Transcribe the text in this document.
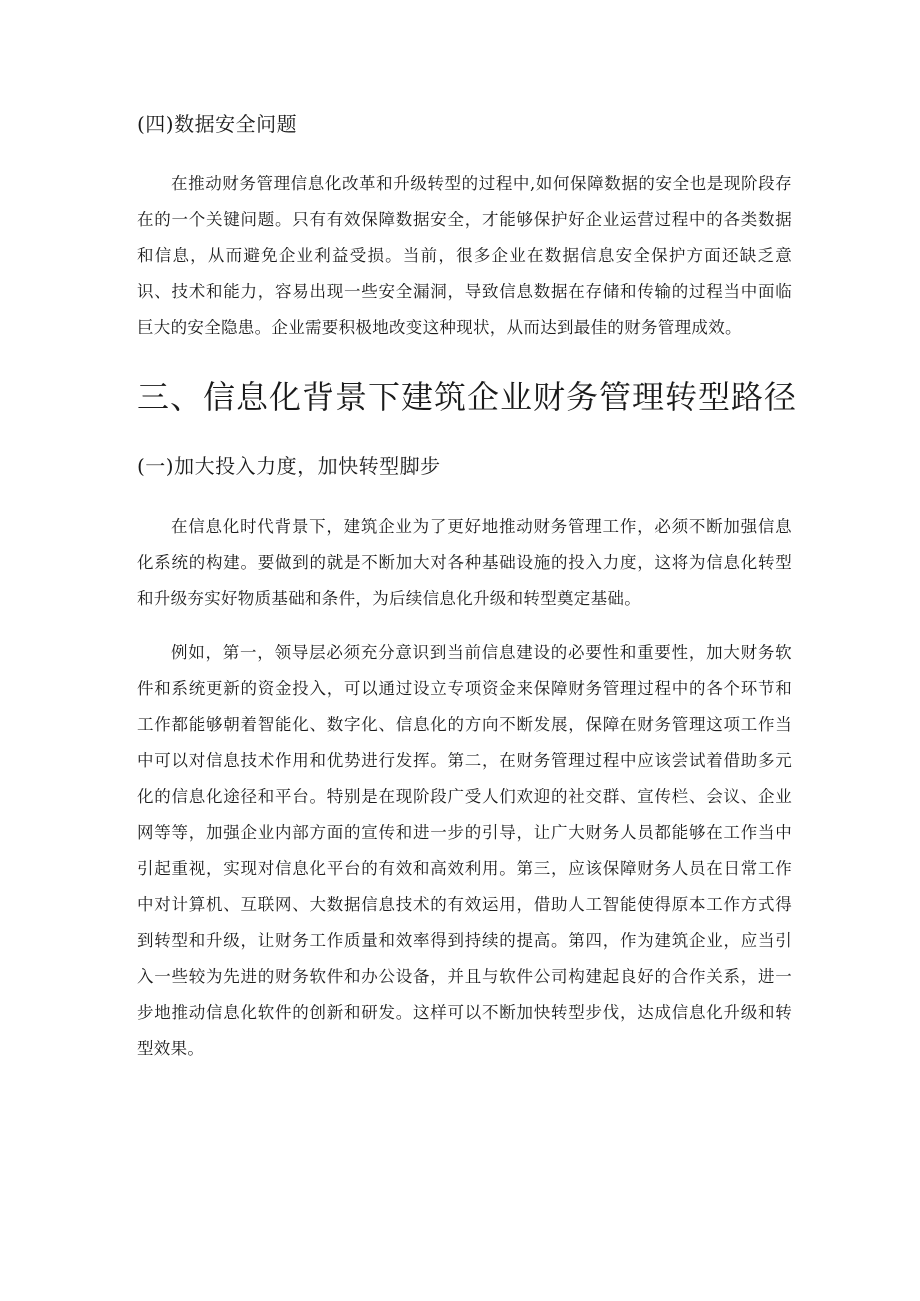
(四)数据安全问题

在推动财务管理信息化改革和升级转型的过程中,如何保障数据的安全也是现阶段存在的一个关键问题。只有有效保障数据安全，才能够保护好企业运营过程中的各类数据和信息，从而避免企业利益受损。当前，很多企业在数据信息安全保护方面还缺乏意识、技术和能力，容易出现一些安全漏洞，导致信息数据在存储和传输的过程当中面临巨大的安全隐患。企业需要积极地改变这种现状，从而达到最佳的财务管理成效。

三、信息化背景下建筑企业财务管理转型路径
(一)加大投入力度，加快转型脚步

在信息化时代背景下，建筑企业为了更好地推动财务管理工作，必须不断加强信息化系统的构建。要做到的就是不断加大对各种基础设施的投入力度，这将为信息化转型和升级夯实好物质基础和条件，为后续信息化升级和转型奠定基础。

例如，第一，领导层必须充分意识到当前信息建设的必要性和重要性，加大财务软件和系统更新的资金投入，可以通过设立专项资金来保障财务管理过程中的各个环节和工作都能够朝着智能化、数字化、信息化的方向不断发展，保障在财务管理这项工作当中可以对信息技术作用和优势进行发挥。第二，在财务管理过程中应该尝试着借助多元化的信息化途径和平台。特别是在现阶段广受人们欢迎的社交群、宣传栏、会议、企业网等等，加强企业内部方面的宣传和进一步的引导，让广大财务人员都能够在工作当中引起重视，实现对信息化平台的有效和高效利用。第三，应该保障财务人员在日常工作中对计算机、互联网、大数据信息技术的有效运用，借助人工智能使得原本工作方式得到转型和升级，让财务工作质量和效率得到持续的提高。第四，作为建筑企业，应当引入一些较为先进的财务软件和办公设备，并且与软件公司构建起良好的合作关系，进一步地推动信息化软件的创新和研发。这样可以不断加快转型步伐，达成信息化升级和转型效果。
